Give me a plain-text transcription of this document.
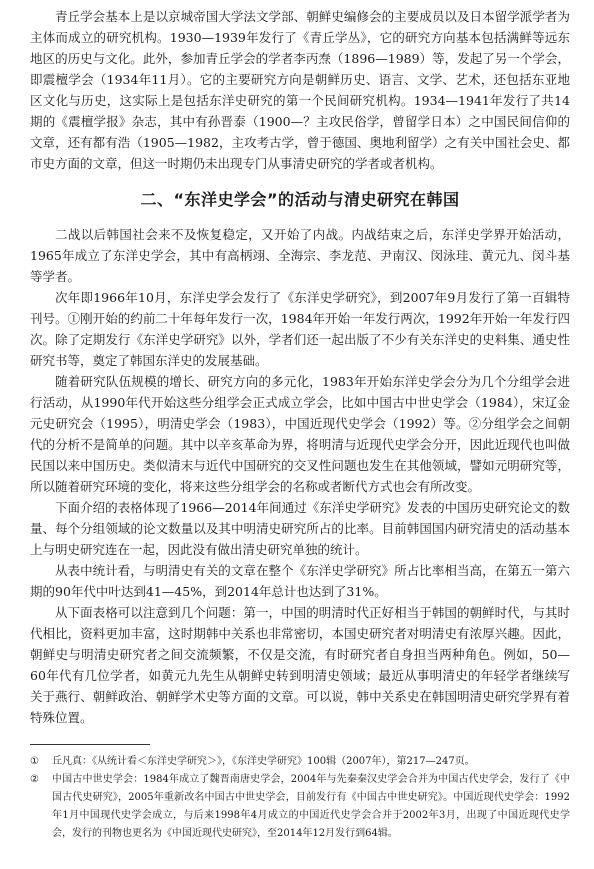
青丘学会基本上是以京城帝国大学法文学部、朝鲜史编修会的主要成员以及日本留学派学者为主体而成立的研究机构。1930—1939年发行了《青丘学丛》，它的研究方向基本包括满鲜等远东地区的历史与文化。此外，参加青丘学会的学者李丙焘（1896—1989）等，发起了另一个学会，即震檀学会（1934年11月）。它的主要研究方向是朝鲜历史、语言、文学、艺术，还包括东亚地区文化与历史，这实际上是包括东洋史研究的第一个民间研究机构。1934—1941年发行了共14期的《震檀学报》杂志，其中有孙晋泰（1900—？主攻民俗学，曾留学日本）之中国民间信仰的文章，还有都有浩（1905—1982，主攻考古学，曾于德国、奥地利留学）之有关中国社会史、都市史方面的文章，但这一时期仍未出现专门从事清史研究的学者或者机构。

二、“东洋史学会”的活动与清史研究在韩国

二战以后韩国社会来不及恢复稳定，又开始了内战。内战结束之后，东洋史学界开始活动，1965年成立了东洋史学会，其中有高柄翊、全海宗、李龙范、尹南汉、闵泳珪、黄元九、闵斗基等学者。

次年即1966年10月，东洋史学会发行了《东洋史学研究》，到2007年9月发行了第一百辑特刊号。①刚开始的约前二十年每年发行一次，1984年开始一年发行两次，1992年开始一年发行四次。除了定期发行《东洋史学研究》以外，学者们还一起出版了不少有关东洋史的史料集、通史性研究书等，奠定了韩国东洋史的发展基础。

随着研究队伍规模的增长、研究方向的多元化，1983年开始东洋史学会分为几个分组学会进行活动，从1990年代开始这些分组学会正式成立学会，比如中国古中世史学会（1984），宋辽金元史研究会（1995），明清史学会（1983），中国近现代史学会（1992）等。②分组学会之间朝代的分析不是简单的问题。其中以辛亥革命为界，将明清与近现代史学会分开，因此近现代也叫做民国以来中国历史。类似清末与近代中国研究的交叉性问题也发生在其他领域，譬如元明研究等，所以随着研究环境的变化，将来这些分组学会的名称或者断代方式也会有所改变。

下面介绍的表格体现了1966—2014年间通过《东洋史学研究》发表的中国历史研究论文的数量、每个分组领域的论文数量以及其中明清史研究所占的比率。目前韩国国内研究清史的活动基本上与明史研究连在一起，因此没有做出清史研究单独的统计。

从表中统计看，与明清史有关的文章在整个《东洋史学研究》所占比率相当高，在第五一第六期的90年代中叶达到41—45%，到2014年总计也达到了31%。

从下面表格可以注意到几个问题：第一，中国的明清时代正好相当于韩国的朝鲜时代，与其时代相比，资料更加丰富，这时期韩中关系也非常密切，本国史研究者对明清史有浓厚兴趣。因此，朝鲜史与明清史研究者之间交流频繁，不仅是交流，有时研究者自身担当两种角色。例如，50—60年代有几位学者，如黄元九先生从朝鲜史转到明清史领域；最近从事明清史的年轻学者继续写关于燕行、朝鲜政治、朝鲜学术史等方面的文章。可以说，韩中关系史在韩国明清史研究学界有着特殊位置。

①	丘凡真：《从统计看＜东洋史学研究＞》，《东洋史学研究》100辑（2007年），第217—247页。

②	中国古中世史学会：1984年成立了魏晋南唐史学会，2004年与先秦秦汉史学会合并为中国古代史学会，发行了《中国古代史研究》，2005年重新改名中国古中世史学会，目前发行有《中国古中世史研究》。中国近现代史学会：1992年1月中国现代史学会成立，与后来1998年4月成立的中国近代史学会合并于2002年3月，出现了中国近现代史学会，发行的刊物也更名为《中国近现代史研究》，至2014年12月发行到64辑。
